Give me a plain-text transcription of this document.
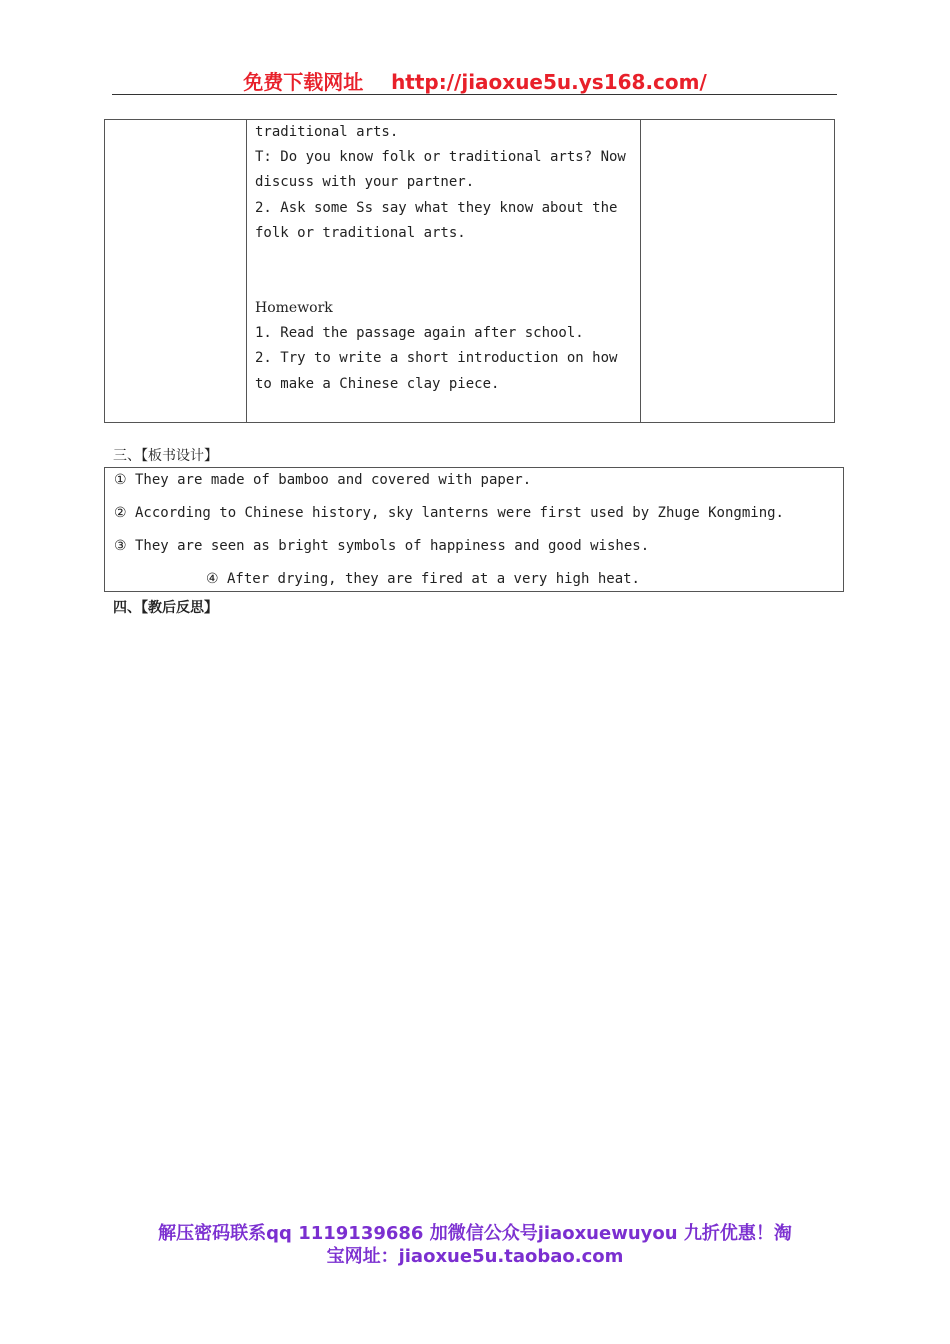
免费下载网址 http://jiaoxue5u.ys168.com/

traditional arts.

T: Do you know folk or traditional arts? Now discuss with your partner.

2. Ask some Ss say what they know about the folk or traditional arts.

Homework

1. Read the passage again after school.

2. Try to write a short introduction on how to make a Chinese clay piece.

三、【板书设计】
① They are made of bamboo and covered with paper.
② According to Chinese history, sky lanterns were first used by Zhuge Kongming.
③ They are seen as bright symbols of happiness and good wishes.
④ After drying, they are fired at a very high heat.
四、【教后反思】
解压密码联系qq 1119139686 加微信公众号jiaoxuewuyou 九折优惠！淘
宝网址：jiaoxue5u.taobao.com
